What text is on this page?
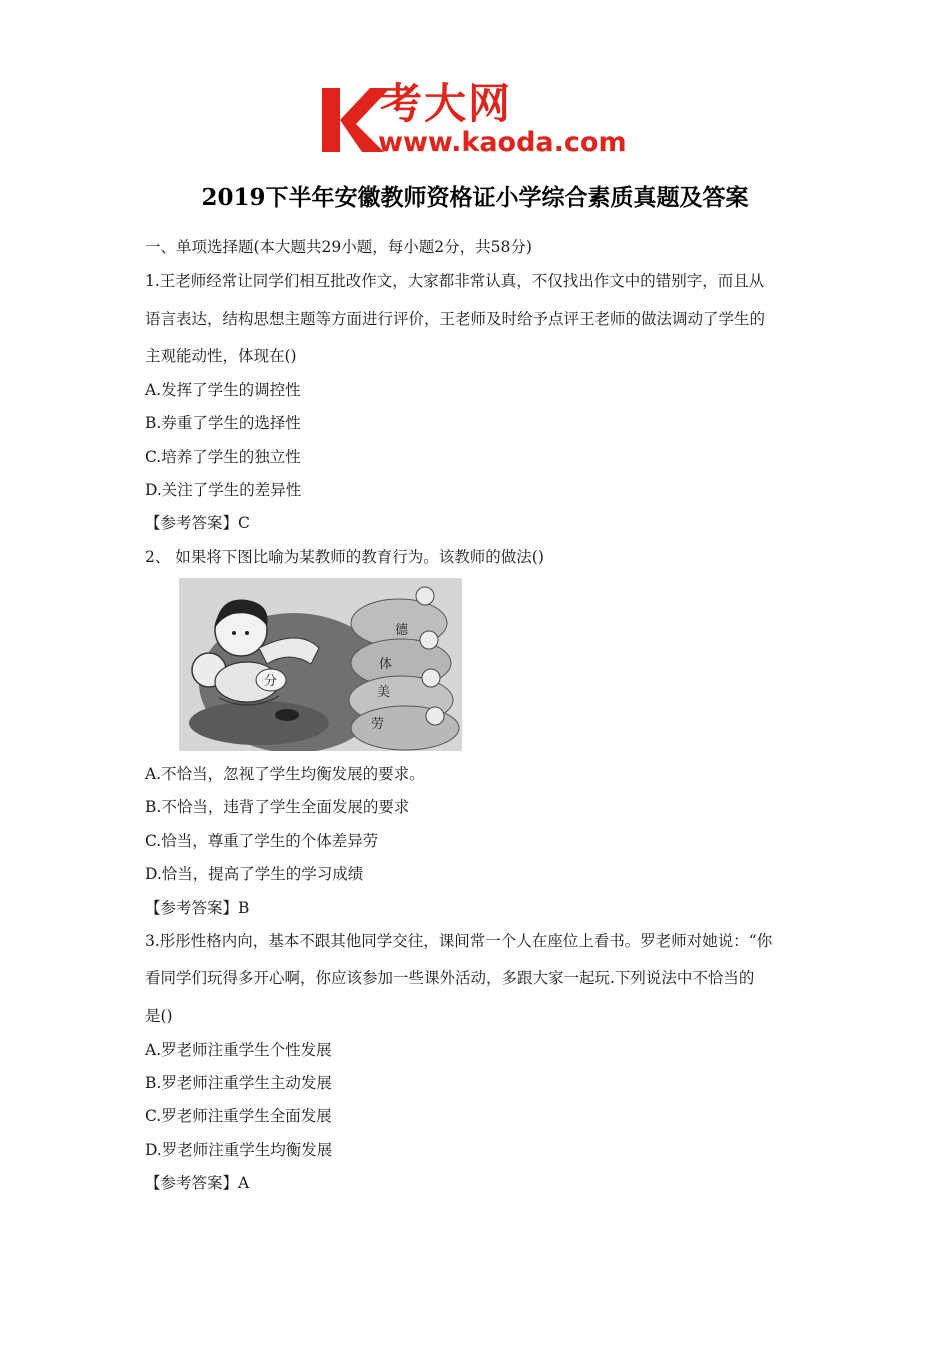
考大网
www.kaoda.com
2019下半年安徽教师资格证小学综合素质真题及答案
一、单项选择题(本大题共29小题，每小题2分，共58分)
1.王老师经常让同学们相互批改作文，大家都非常认真，不仅找出作文中的错别字，而且从
语言表达，结构思想主题等方面进行评价，王老师及时给予点评王老师的做法调动了学生的
主观能动性，体现在()
A.发挥了学生的调控性
B.券重了学生的选择性
C.培养了学生的独立性
D.关注了学生的差异性
【参考答案】C
2、 如果将下图比喻为某教师的教育行为。该教师的做法()
分
德
体
美
劳
A.不恰当，忽视了学生均衡发展的要求。
B.不恰当，违背了学生全面发展的要求
C.恰当，尊重了学生的个体差异劳
D.恰当，提高了学生的学习成绩
【参考答案】B
3.彤彤性格内向，基本不跟其他同学交往，课间常一个人在座位上看书。罗老师对她说：“你
看同学们玩得多开心啊，你应该参加一些课外活动，多跟大家一起玩.下列说法中不恰当的
是()
A.罗老师注重学生个性发展
B.罗老师注重学生主动发展
C.罗老师注重学生全面发展
D.罗老师注重学生均衡发展
【参考答案】A
